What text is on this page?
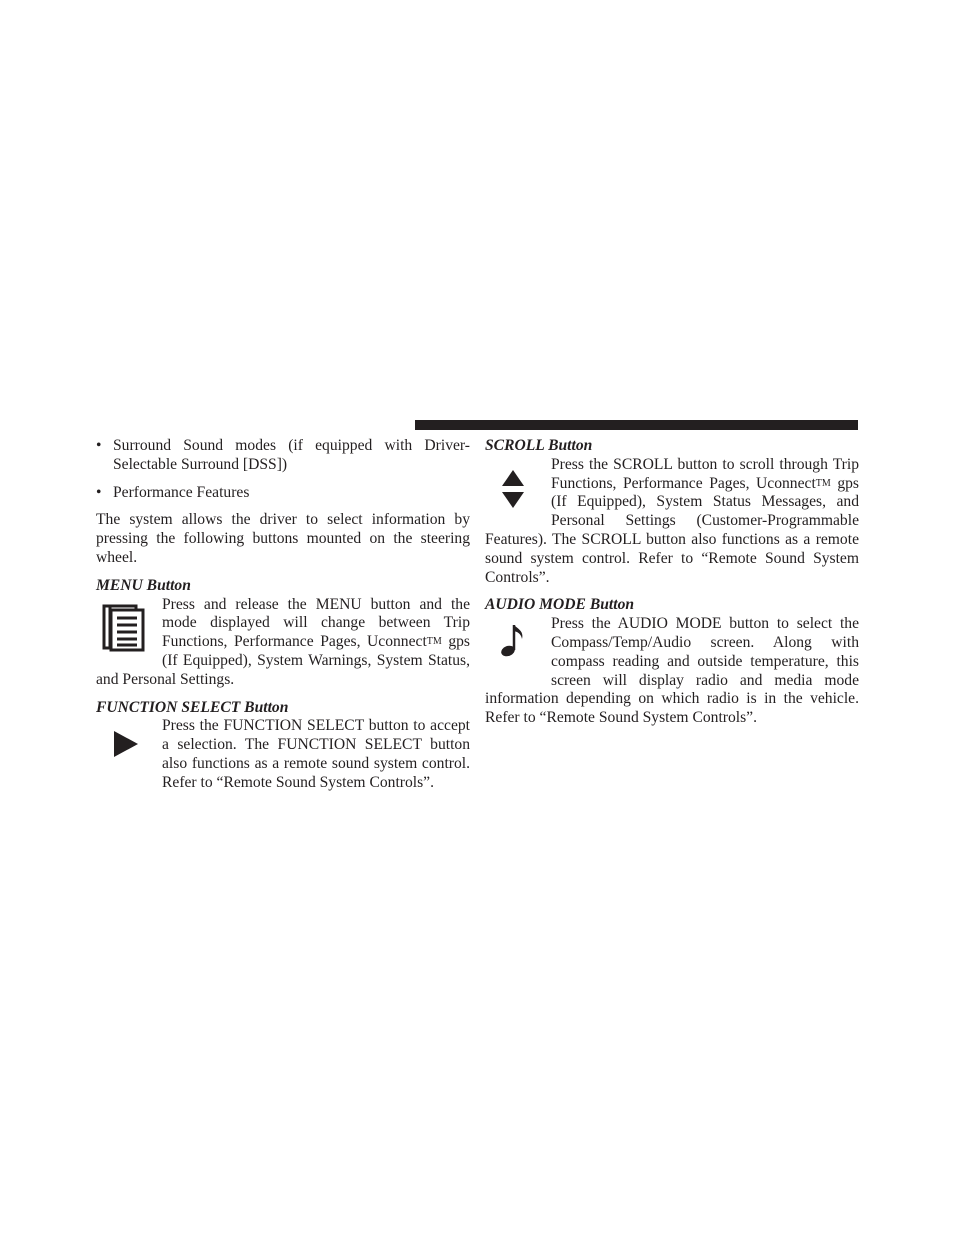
• Surround Sound modes (if equipped with Driver-Selectable Surround [DSS])
• Performance Features

The system allows the driver to select information by pressing the following buttons mounted on the steering wheel.

MENU Button

Press and release the MENU button and the mode displayed will change between Trip Functions, Performance Pages, UconnectTM gps (If Equipped), System Warnings, System Status, and Personal Settings.

FUNCTION SELECT Button

Press the FUNCTION SELECT button to accept a selection. The FUNCTION SELECT button also functions as a remote sound system control. Refer to “Remote Sound System Controls”.

SCROLL Button

Press the SCROLL button to scroll through Trip Functions, Performance Pages, UconnectTM gps (If Equipped), System Status Messages, and Personal Settings (Customer-Programmable Features). The SCROLL button also functions as a remote sound system control. Refer to “Remote Sound System Controls”.

AUDIO MODE Button

Press the AUDIO MODE button to select the Compass/Temp/Audio screen. Along with compass reading and outside temperature, this screen will display radio and media mode information depending on which radio is in the vehicle. Refer to “Remote Sound System Controls”.
